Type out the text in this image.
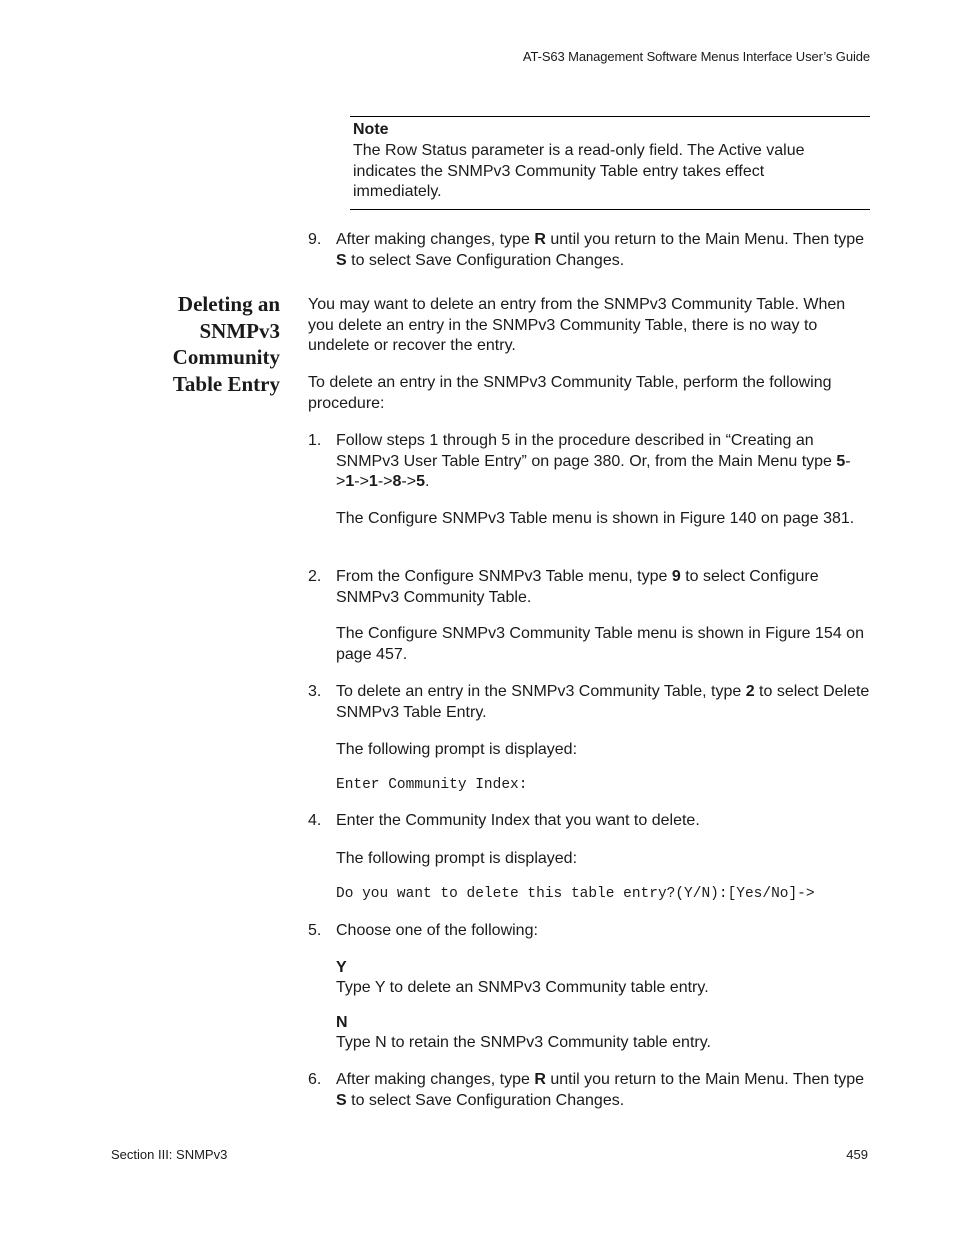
AT-S63 Management Software Menus Interface User’s Guide
Note
The Row Status parameter is a read-only field. The Active value indicates the SNMPv3 Community Table entry takes effect immediately.
9. After making changes, type R until you return to the Main Menu. Then type S to select Save Configuration Changes.
Deleting an
SNMPv3
Community
Table Entry
You may want to delete an entry from the SNMPv3 Community Table. When you delete an entry in the SNMPv3 Community Table, there is no way to undelete or recover the entry.
To delete an entry in the SNMPv3 Community Table, perform the following procedure:
1. Follow steps 1 through 5 in the procedure described in “Creating an SNMPv3 User Table Entry” on page 380. Or, from the Main Menu type 5->1->1->8->5.
The Configure SNMPv3 Table menu is shown in Figure 140 on page 381.
2. From the Configure SNMPv3 Table menu, type 9 to select Configure SNMPv3 Community Table.
The Configure SNMPv3 Community Table menu is shown in Figure 154 on page 457.
3. To delete an entry in the SNMPv3 Community Table, type 2 to select Delete SNMPv3 Table Entry.
The following prompt is displayed:
Enter Community Index:
4. Enter the Community Index that you want to delete.
The following prompt is displayed:
Do you want to delete this table entry?(Y/N):[Yes/No]->
5. Choose one of the following:
Y
Type Y to delete an SNMPv3 Community table entry.
N
Type N to retain the SNMPv3 Community table entry.
6. After making changes, type R until you return to the Main Menu. Then type S to select Save Configuration Changes.
Section III: SNMPv3	459
